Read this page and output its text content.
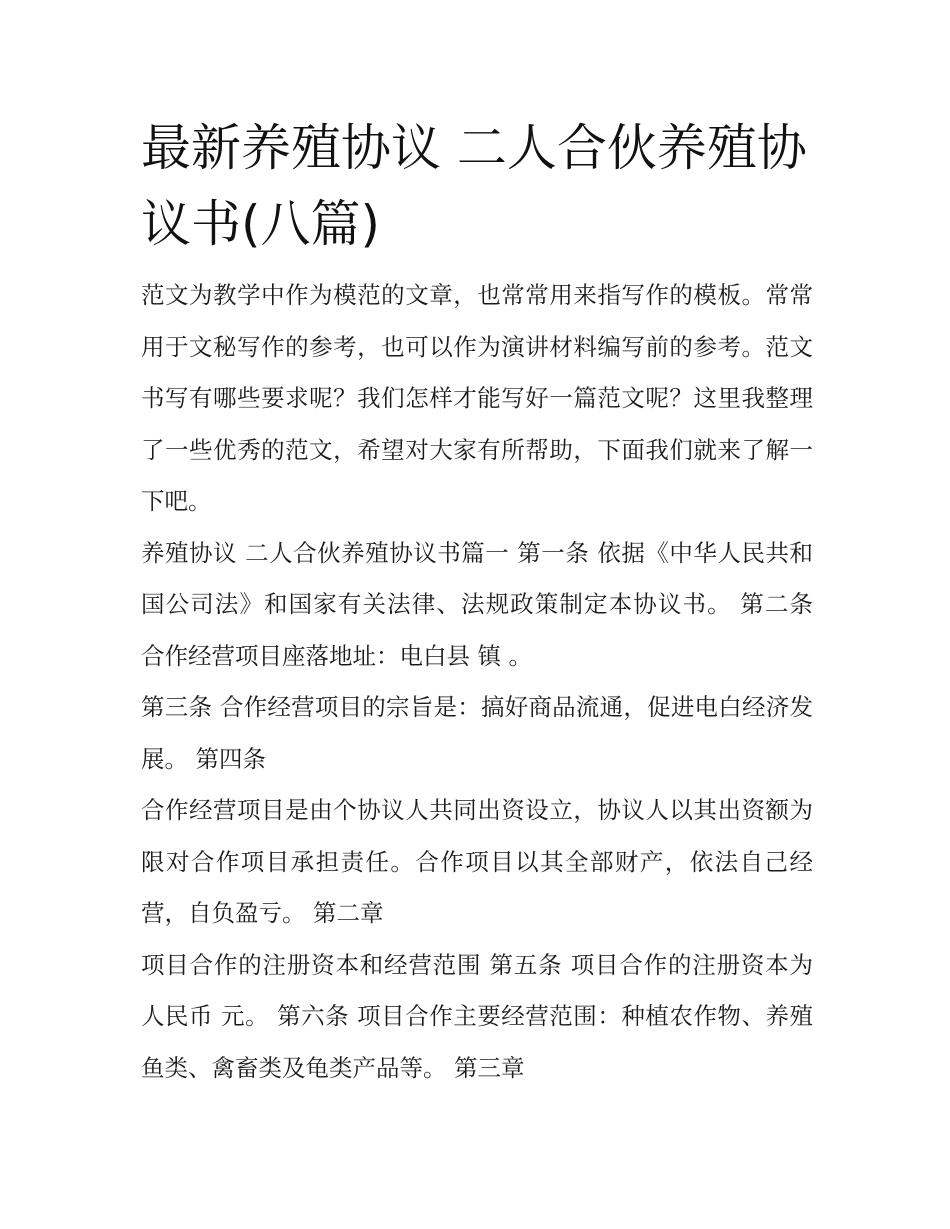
最新养殖协议 二人合伙养殖协议书(八篇)

范文为教学中作为模范的文章，也常常用来指写作的模板。常常用于文秘写作的参考，也可以作为演讲材料编写前的参考。范文书写有哪些要求呢？我们怎样才能写好一篇范文呢？这里我整理了一些优秀的范文，希望对大家有所帮助，下面我们就来了解一下吧。

养殖协议 二人合伙养殖协议书篇一 第一条 依据《中华人民共和国公司法》和国家有关法律、法规政策制定本协议书。 第二条 合作经营项目座落地址：电白县 镇 。

第三条 合作经营项目的宗旨是：搞好商品流通，促进电白经济发展。 第四条

合作经营项目是由个协议人共同出资设立，协议人以其出资额为限对合作项目承担责任。合作项目以其全部财产，依法自己经营，自负盈亏。 第二章

项目合作的注册资本和经营范围 第五条 项目合作的注册资本为人民币 元。 第六条 项目合作主要经营范围：种植农作物、养殖鱼类、禽畜类及龟类产品等。 第三章
